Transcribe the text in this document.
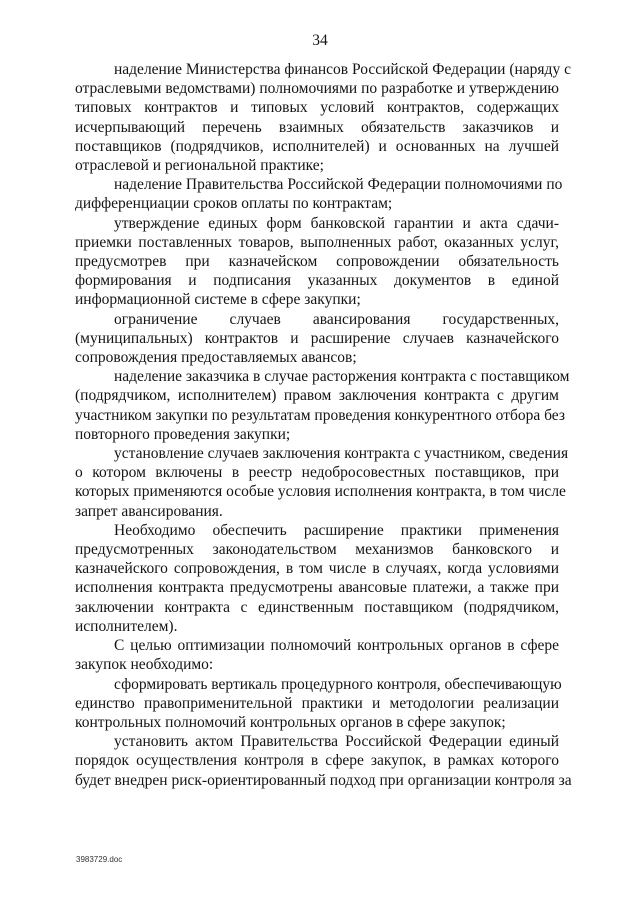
34
наделение Министерства финансов Российской Федерации (наряду с
отраслевыми ведомствами) полномочиями по разработке и утверждению
типовых контрактов и типовых условий контрактов, содержащих
исчерпывающий перечень взаимных обязательств заказчиков и
поставщиков (подрядчиков, исполнителей) и основанных на лучшей
отраслевой и региональной практике;
наделение Правительства Российской Федерации полномочиями по
дифференциации сроков оплаты по контрактам;
утверждение единых форм банковской гарантии и акта сдачи-
приемки поставленных товаров, выполненных работ, оказанных услуг,
предусмотрев при казначейском сопровождении обязательность
формирования и подписания указанных документов в единой
информационной системе в сфере закупки;
ограничение случаев авансирования государственных,
(муниципальных) контрактов и расширение случаев казначейского
сопровождения предоставляемых авансов;
наделение заказчика в случае расторжения контракта с поставщиком
(подрядчиком, исполнителем) правом заключения контракта с другим
участником закупки по результатам проведения конкурентного отбора без
повторного проведения закупки;
установление случаев заключения контракта с участником, сведения
о котором включены в реестр недобросовестных поставщиков, при
которых применяются особые условия исполнения контракта, в том числе
запрет авансирования.
Необходимо обеспечить расширение практики применения
предусмотренных законодательством механизмов банковского и
казначейского сопровождения, в том числе в случаях, когда условиями
исполнения контракта предусмотрены авансовые платежи, а также при
заключении контракта с единственным поставщиком (подрядчиком,
исполнителем).
С целью оптимизации полномочий контрольных органов в сфере
закупок необходимо:
сформировать вертикаль процедурного контроля, обеспечивающую
единство правоприменительной практики и методологии реализации
контрольных полномочий контрольных органов в сфере закупок;
установить актом Правительства Российской Федерации единый
порядок осуществления контроля в сфере закупок, в рамках которого
будет внедрен риск-ориентированный подход при организации контроля за
3983729.doc
